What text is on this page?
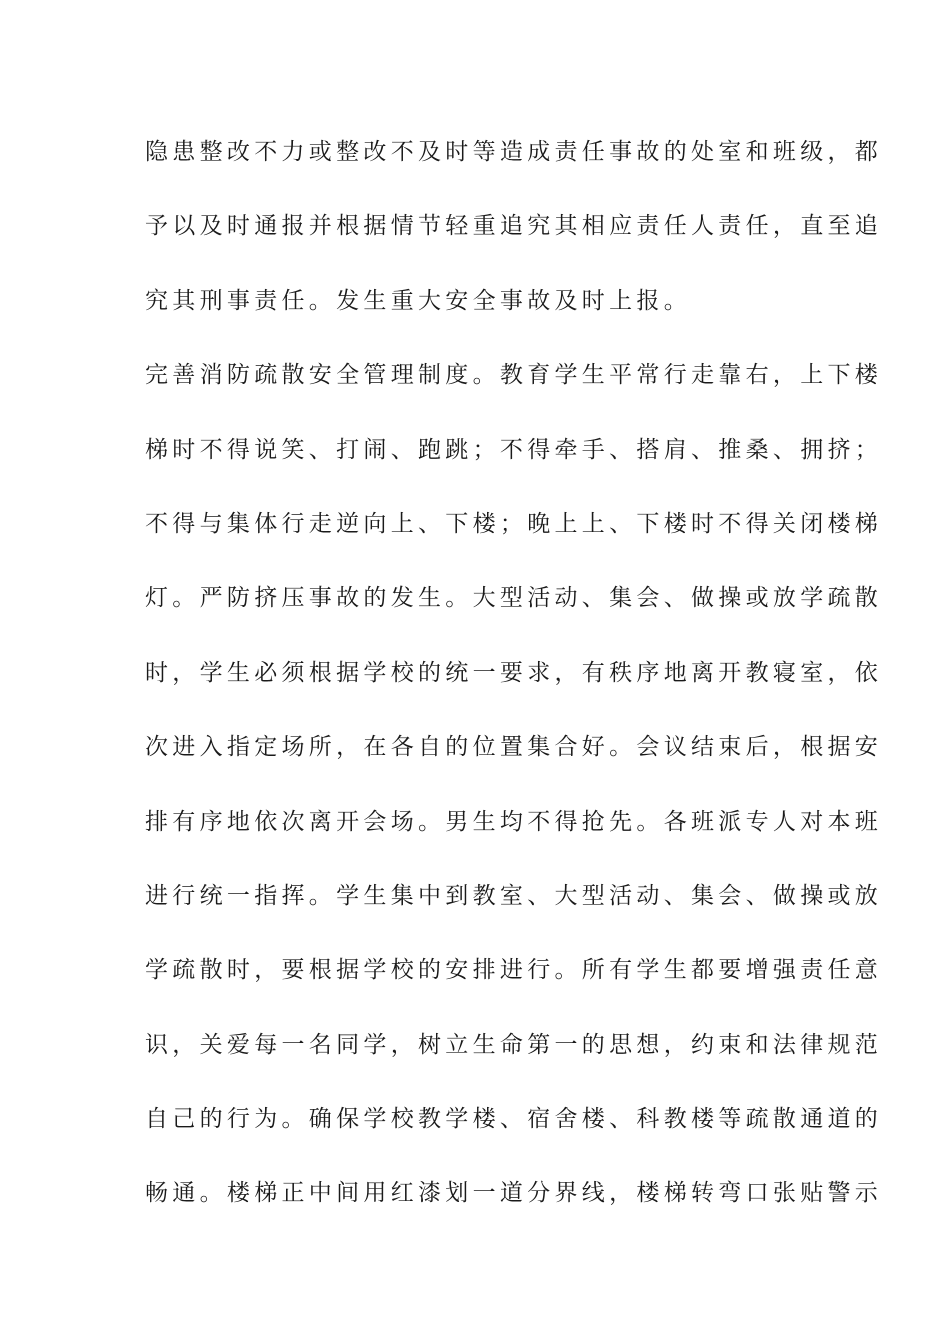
隐患整改不力或整改不及时等造成责任事故的处室和班级，都
予以及时通报并根据情节轻重追究其相应责任人责任，直至追
究其刑事责任。发生重大安全事故及时上报。
完善消防疏散安全管理制度。教育学生平常行走靠右，上下楼
梯时不得说笑、打闹、跑跳；不得牵手、搭肩、推桑、拥挤；
不得与集体行走逆向上、下楼；晚上上、下楼时不得关闭楼梯
灯。严防挤压事故的发生。大型活动、集会、做操或放学疏散
时，学生必须根据学校的统一要求，有秩序地离开教寝室，依
次进入指定场所，在各自的位置集合好。会议结束后，根据安
排有序地依次离开会场。男生均不得抢先。各班派专人对本班
进行统一指挥。学生集中到教室、大型活动、集会、做操或放
学疏散时，要根据学校的安排进行。所有学生都要增强责任意
识，关爱每一名同学，树立生命第一的思想，约束和法律规范
自己的行为。确保学校教学楼、宿舍楼、科教楼等疏散通道的
畅通。楼梯正中间用红漆划一道分界线，楼梯转弯口张贴警示
